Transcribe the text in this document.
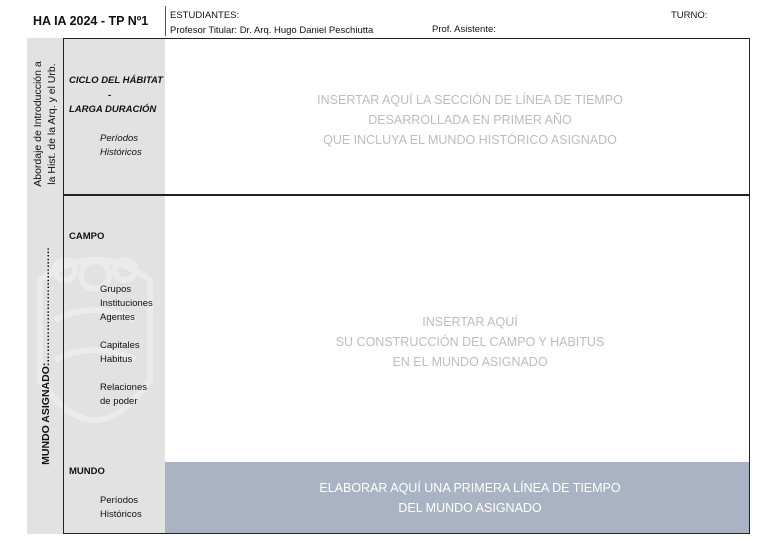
HA IA 2024 - TP Nº1 ESTUDIANTES:
Profesor Titular: Dr. Arq. Hugo Daniel Peschiutta	Prof. Asistente:
TURNO:
Abordaje de Introducción a la Hist. de la Arq. y el Urb.
MUNDO ASIGNADO:……………………………
CICLO DEL HÁBITAT
-
LARGA DURACIÓN
Períodos
Históricos
INSERTAR AQUÍ LA SECCIÓN DE LÍNEA DE TIEMPO
DESARROLLADA EN PRIMER AÑO
QUE INCLUYA EL MUNDO HISTÓRICO ASIGNADO
CAMPO
Grupos
Instituciones
Agentes
Capitales
Habitus
Relaciones
de poder
INSERTAR AQUÍ
SU CONSTRUCCIÓN DEL CAMPO Y HABITUS
EN EL MUNDO ASIGNADO
MUNDO
Períodos
Históricos
ELABORAR AQUÍ UNA PRIMERA LÍNEA DE TIEMPO
DEL MUNDO ASIGNADO
